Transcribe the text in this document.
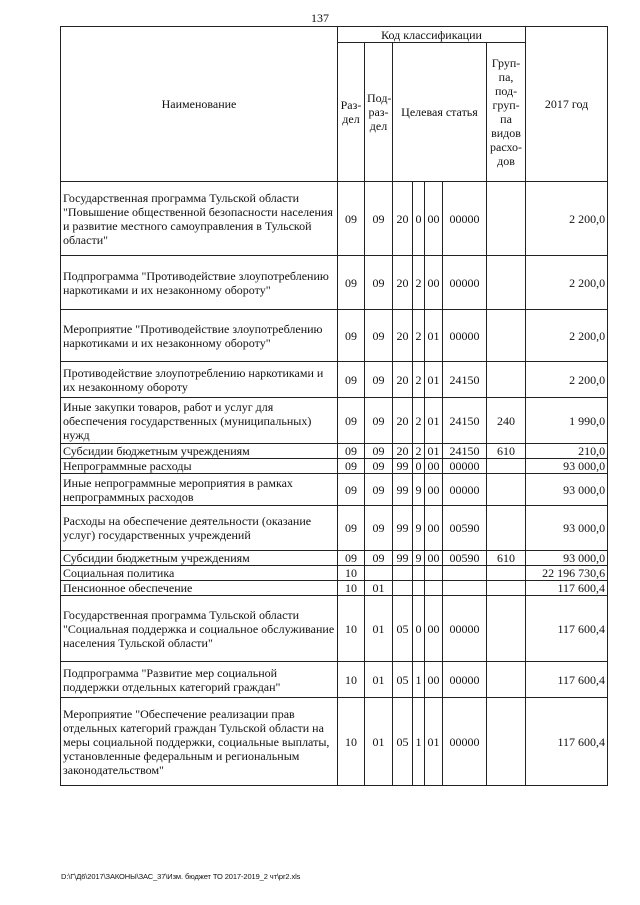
137
Наименование	Код классификации							2017 год
	Раз- дел	Под- раз- дел	Целевая статья				Груп- па, под- груп- па видов расхо- дов	
Государственная программа Тульской области "Повышение общественной безопасности населения и развитие местного самоуправления в Тульской области"	09	09	20	0	00	00000		2 200,0
Подпрограмма "Противодействие злоупотреблению наркотиками и их незаконному обороту"	09	09	20	2	00	00000		2 200,0
Мероприятие "Противодействие злоупотреблению наркотиками и их незаконному обороту"	09	09	20	2	01	00000		2 200,0
Противодействие злоупотреблению наркотиками и их незаконному обороту	09	09	20	2	01	24150		2 200,0
Иные закупки товаров, работ и услуг для обеспечения государственных (муниципальных) нужд	09	09	20	2	01	24150	240	1 990,0
Субсидии бюджетным учреждениям	09	09	20	2	01	24150	610	210,0
Непрограммные расходы	09	09	99	0	00	00000		93 000,0
Иные непрограммные мероприятия в рамках непрограммных расходов	09	09	99	9	00	00000		93 000,0
Расходы на обеспечение деятельности (оказание услуг) государственных учреждений	09	09	99	9	00	00590		93 000,0
Субсидии бюджетным учреждениям	09	09	99	9	00	00590	610	93 000,0
Социальная политика	10							22 196 730,6
Пенсионное обеспечение	10	01						117 600,4
Государственная программа Тульской области "Социальная поддержка и социальное обслуживание населения Тульской области"	10	01	05	0	00	00000		117 600,4
Подпрограмма "Развитие мер социальной поддержки отдельных категорий граждан"	10	01	05	1	00	00000		117 600,4
Мероприятие "Обеспечение реализации прав отдельных категорий граждан Тульской области на меры социальной поддержки, социальные выплаты, установленные федеральным и региональным законодательством"	10	01	05	1	01	00000		117 600,4
D:\Г\Д6\2017\ЗАКОНЫ\ЗАС_37\Изм. бюджет ТО 2017-2019_2 чт\pr2.xls
